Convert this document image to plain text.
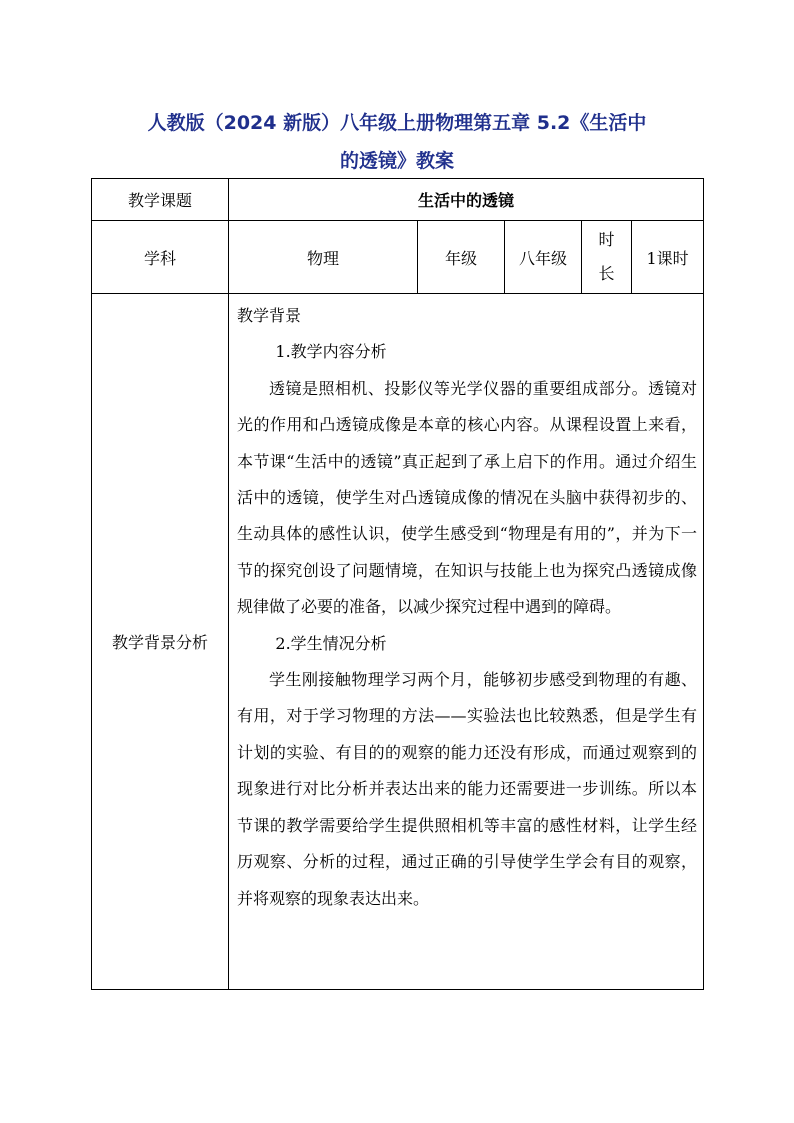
人教版（2024 新版）八年级上册物理第五章 5.2《生活中
的透镜》教案
教学课题	生活中的透镜				
学科	物理	年级	八年级	时
长	1课时
教学背景分析	教学背景

1.教学内容分析

透镜是照相机、投影仪等光学仪器的重要组成部分。透镜对光的作用和凸透镜成像是本章的核心内容。从课程设置上来看，本节课“生活中的透镜”真正起到了承上启下的作用。通过介绍生活中的透镜，使学生对凸透镜成像的情况在头脑中获得初步的、生动具体的感性认识，使学生感受到“物理是有用的”，并为下一节的探究创设了问题情境，在知识与技能上也为探究凸透镜成像规律做了必要的准备，以减少探究过程中遇到的障碍。

2.学生情况分析

学生刚接触物理学习两个月，能够初步感受到物理的有趣、有用，对于学习物理的方法——实验法也比较熟悉，但是学生有计划的实验、有目的的观察的能力还没有形成，而通过观察到的现象进行对比分析并表达出来的能力还需要进一步训练。所以本节课的教学需要给学生提供照相机等丰富的感性材料，让学生经历观察、分析的过程，通过正确的引导使学生学会有目的观察，并将观察的现象表达出来。				
